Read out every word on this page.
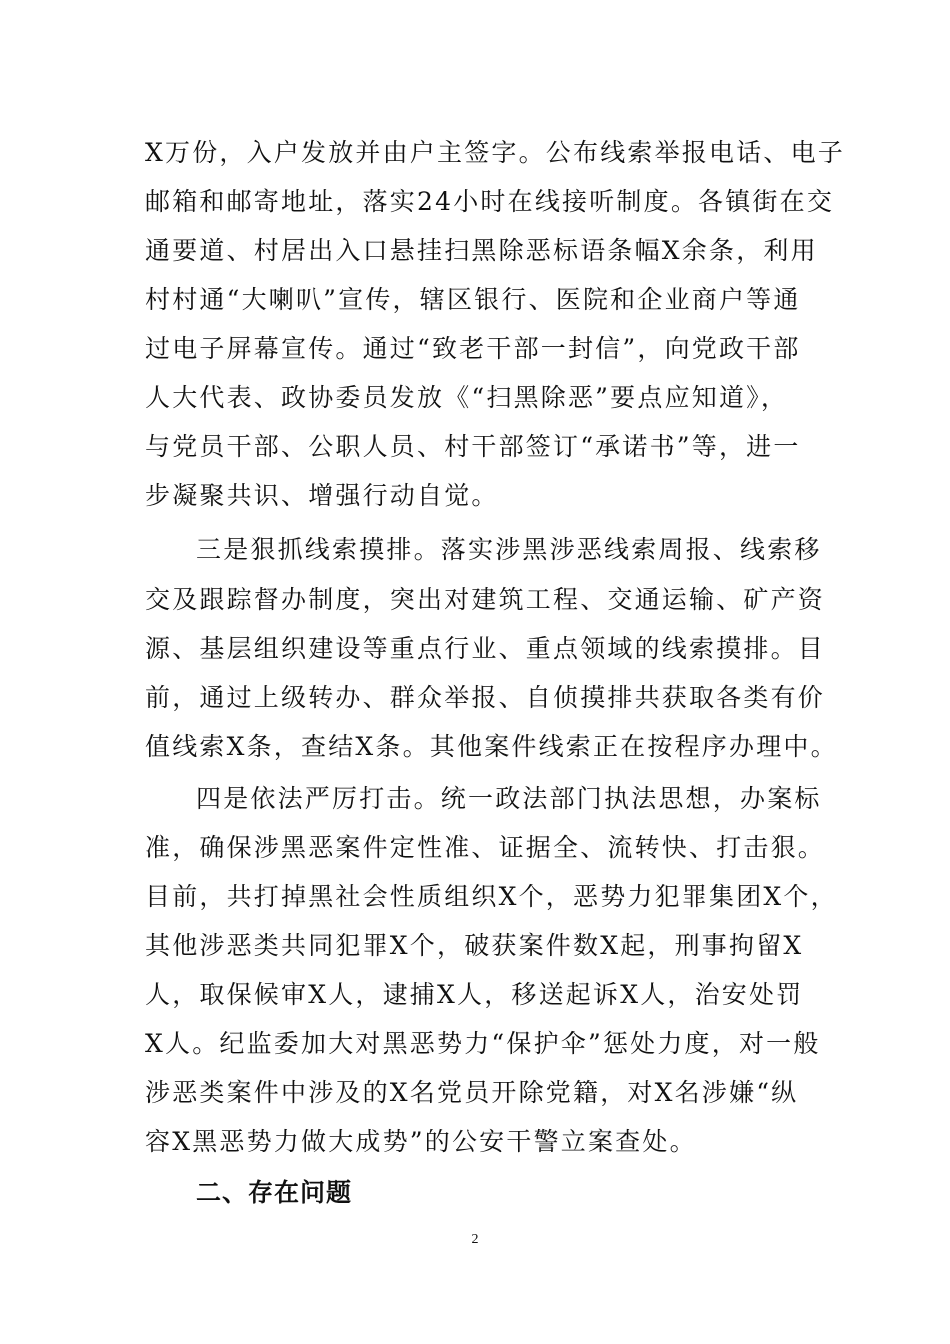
X万份，入户发放并由户主签字。公布线索举报电话、电子
邮箱和邮寄地址，落实24小时在线接听制度。各镇街在交
通要道、村居出入口悬挂扫黑除恶标语条幅X余条，利用
村村通“大喇叭”宣传，辖区银行、医院和企业商户等通
过电子屏幕宣传。通过“致老干部一封信”，向党政干部
人大代表、政协委员发放《“扫黑除恶”要点应知道》，
与党员干部、公职人员、村干部签订“承诺书”等，进一
步凝聚共识、增强行动自觉。
三是狠抓线索摸排。落实涉黑涉恶线索周报、线索移
交及跟踪督办制度，突出对建筑工程、交通运输、矿产资
源、基层组织建设等重点行业、重点领域的线索摸排。目
前，通过上级转办、群众举报、自侦摸排共获取各类有价
值线索X条，查结X条。其他案件线索正在按程序办理中。
四是依法严厉打击。统一政法部门执法思想，办案标
准，确保涉黑恶案件定性准、证据全、流转快、打击狠。
目前，共打掉黑社会性质组织X个，恶势力犯罪集团X个，
其他涉恶类共同犯罪X个，破获案件数X起，刑事拘留X
人，取保候审X人，逮捕X人，移送起诉X人，治安处罚
X人。纪监委加大对黑恶势力“保护伞”惩处力度，对一般
涉恶类案件中涉及的X名党员开除党籍，对X名涉嫌“纵
容X黑恶势力做大成势”的公安干警立案查处。
二、存在问题
2
